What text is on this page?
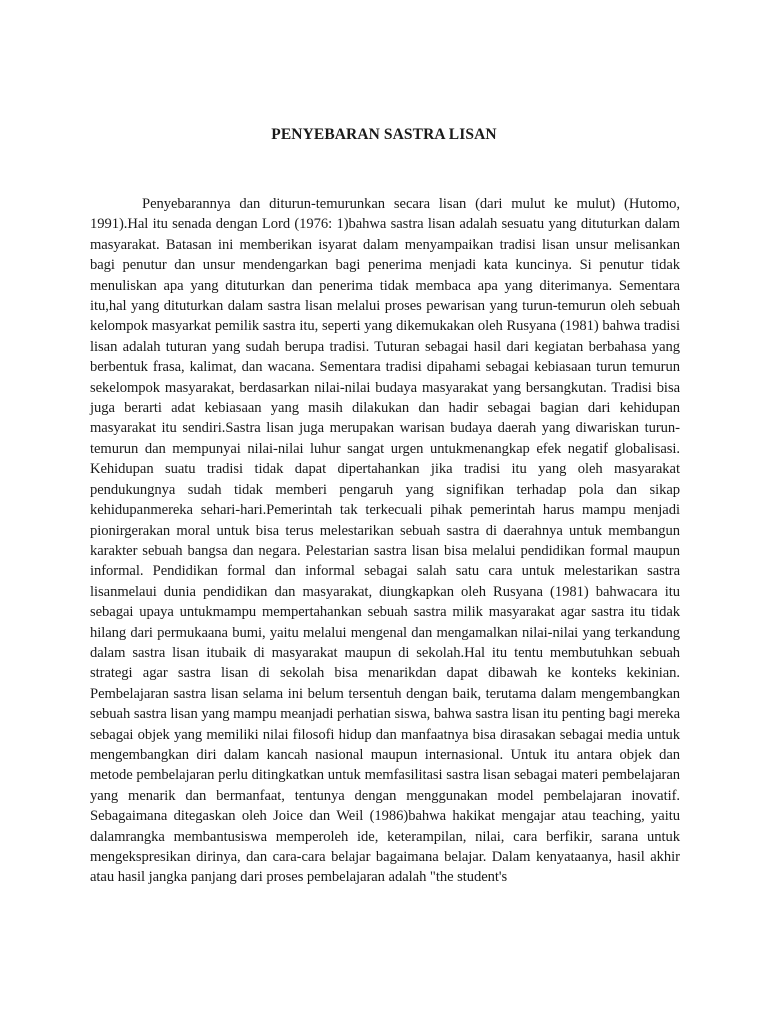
PENYEBARAN SASTRA LISAN

Penyebarannya dan diturun-temurunkan secara lisan (dari mulut ke mulut) (Hutomo, 1991).Hal itu senada dengan Lord (1976: 1)bahwa sastra lisan adalah sesuatu yang dituturkan dalam masyarakat. Batasan ini memberikan isyarat dalam menyampaikan tradisi lisan unsur melisankan bagi penutur dan unsur mendengarkan bagi penerima menjadi kata kuncinya. Si penutur tidak menuliskan apa yang dituturkan dan penerima tidak membaca apa yang diterimanya. Sementara itu,hal yang dituturkan dalam sastra lisan melalui proses pewarisan yang turun-temurun oleh sebuah kelompok masyarkat pemilik sastra itu, seperti yang dikemukakan oleh Rusyana (1981) bahwa tradisi lisan adalah tuturan yang sudah berupa tradisi. Tuturan sebagai hasil dari kegiatan berbahasa yang berbentuk frasa, kalimat, dan wacana. Sementara tradisi dipahami sebagai kebiasaan turun temurun sekelompok masyarakat, berdasarkan nilai-nilai budaya masyarakat yang bersangkutan. Tradisi bisa juga berarti adat kebiasaan yang masih dilakukan dan hadir sebagai bagian dari kehidupan masyarakat itu sendiri.Sastra lisan juga merupakan warisan budaya daerah yang diwariskan turun-temurun dan mempunyai nilai-nilai luhur sangat urgen untukmenangkap efek negatif globalisasi. Kehidupan suatu tradisi tidak dapat dipertahankan jika tradisi itu yang oleh masyarakat pendukungnya sudah tidak memberi pengaruh yang signifikan terhadap pola dan sikap kehidupanmereka sehari-hari.Pemerintah tak terkecuali pihak pemerintah harus mampu menjadi pionirgerakan moral untuk bisa terus melestarikan sebuah sastra di daerahnya untuk membangun karakter sebuah bangsa dan negara. Pelestarian sastra lisan bisa melalui pendidikan formal maupun informal. Pendidikan formal dan informal sebagai salah satu cara untuk melestarikan sastra lisanmelaui dunia pendidikan dan masyarakat, diungkapkan oleh Rusyana (1981) bahwacara itu sebagai upaya untukmampu mempertahankan sebuah sastra milik masyarakat agar sastra itu tidak hilang dari permukaana bumi, yaitu melalui mengenal dan mengamalkan nilai-nilai yang terkandung dalam sastra lisan itubaik di masyarakat maupun di sekolah.Hal itu tentu membutuhkan sebuah strategi agar sastra lisan di sekolah bisa menarikdan dapat dibawah ke konteks kekinian. Pembelajaran sastra lisan selama ini belum tersentuh dengan baik, terutama dalam mengembangkan sebuah sastra lisan yang mampu meanjadi perhatian siswa, bahwa sastra lisan itu penting bagi mereka sebagai objek yang memiliki nilai filosofi hidup dan manfaatnya bisa dirasakan sebagai media untuk mengembangkan diri dalam kancah nasional maupun internasional. Untuk itu antara objek dan metode pembelajaran perlu ditingkatkan untuk memfasilitasi sastra lisan sebagai materi pembelajaran yang menarik dan bermanfaat, tentunya dengan menggunakan model pembelajaran inovatif. Sebagaimana ditegaskan oleh Joice dan Weil (1986)bahwa hakikat mengajar atau teaching, yaitu dalamrangka membantusiswa memperoleh ide, keterampilan, nilai, cara berfikir, sarana untuk mengekspresikan dirinya, dan cara-cara belajar bagaimana belajar. Dalam kenyataanya, hasil akhir atau hasil jangka panjang dari proses pembelajaran adalah "the student's
